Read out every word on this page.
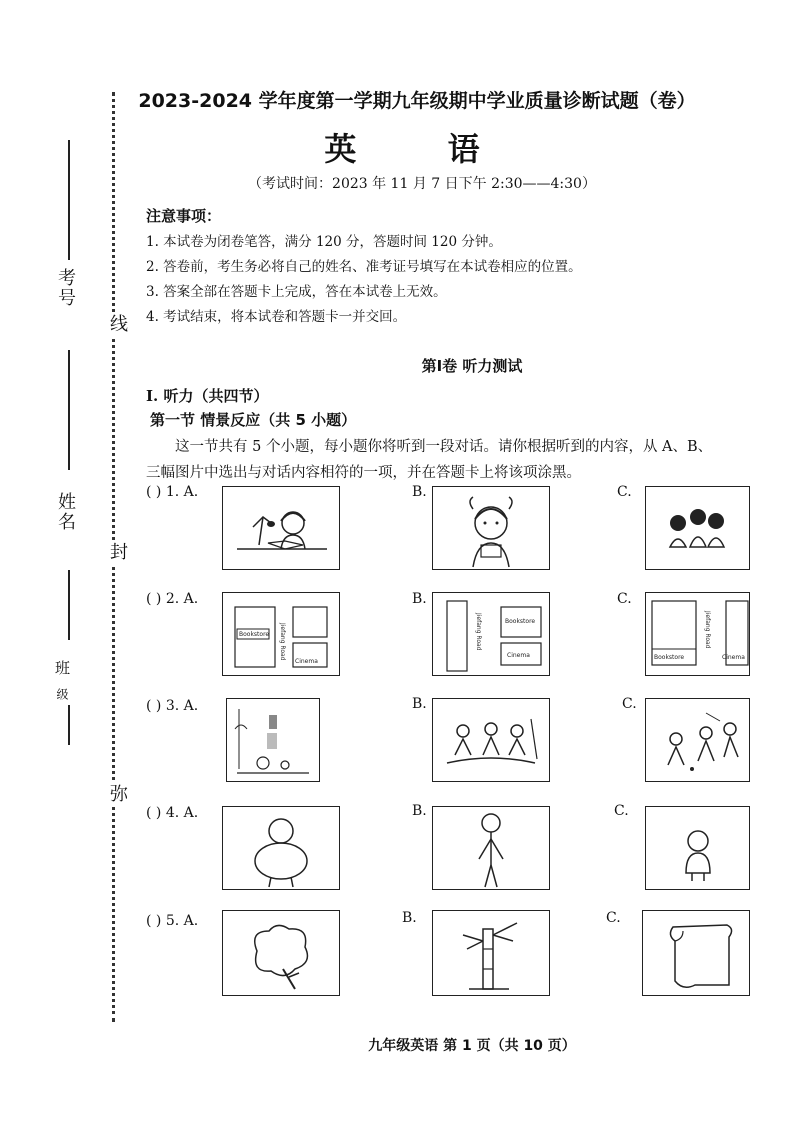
考号
姓名
班
级
线
封
弥
2023-2024 学年度第一学期九年级期中学业质量诊断试题（卷）
英 语
（考试时间：2023 年 11 月 7 日下午 2:30——4:30）
注意事项：
1. 本试卷为闭卷笔答，满分 120 分，答题时间 120 分钟。
2. 答卷前，考生务必将自己的姓名、准考证号填写在本试卷相应的位置。
3. 答案全部在答题卡上完成，答在本试卷上无效。
4. 考试结束，将本试卷和答题卡一并交回。
第Ⅰ卷 听力测试
I. 听力（共四节）
第一节 情景反应（共 5 小题）
这一节共有 5 个小题，每小题你将听到一段对话。请你根据听到的内容，从 A、B、
三幅图片中选出与对话内容相符的一项，并在答题卡上将该项涂黑。
( ) 1. A.	B.	C.
( ) 2. A.
Bookstore
Cinema
Jiefang Road
B.
Bookstore
Cinema
Jiefang Road
C.
Bookstore	Cinema
Jiefang Road
( ) 3. A.	B.	C.
( ) 4. A.	B.	C.
( ) 5. A.	B.	C.
九年级英语 第 1 页（共 10 页）
